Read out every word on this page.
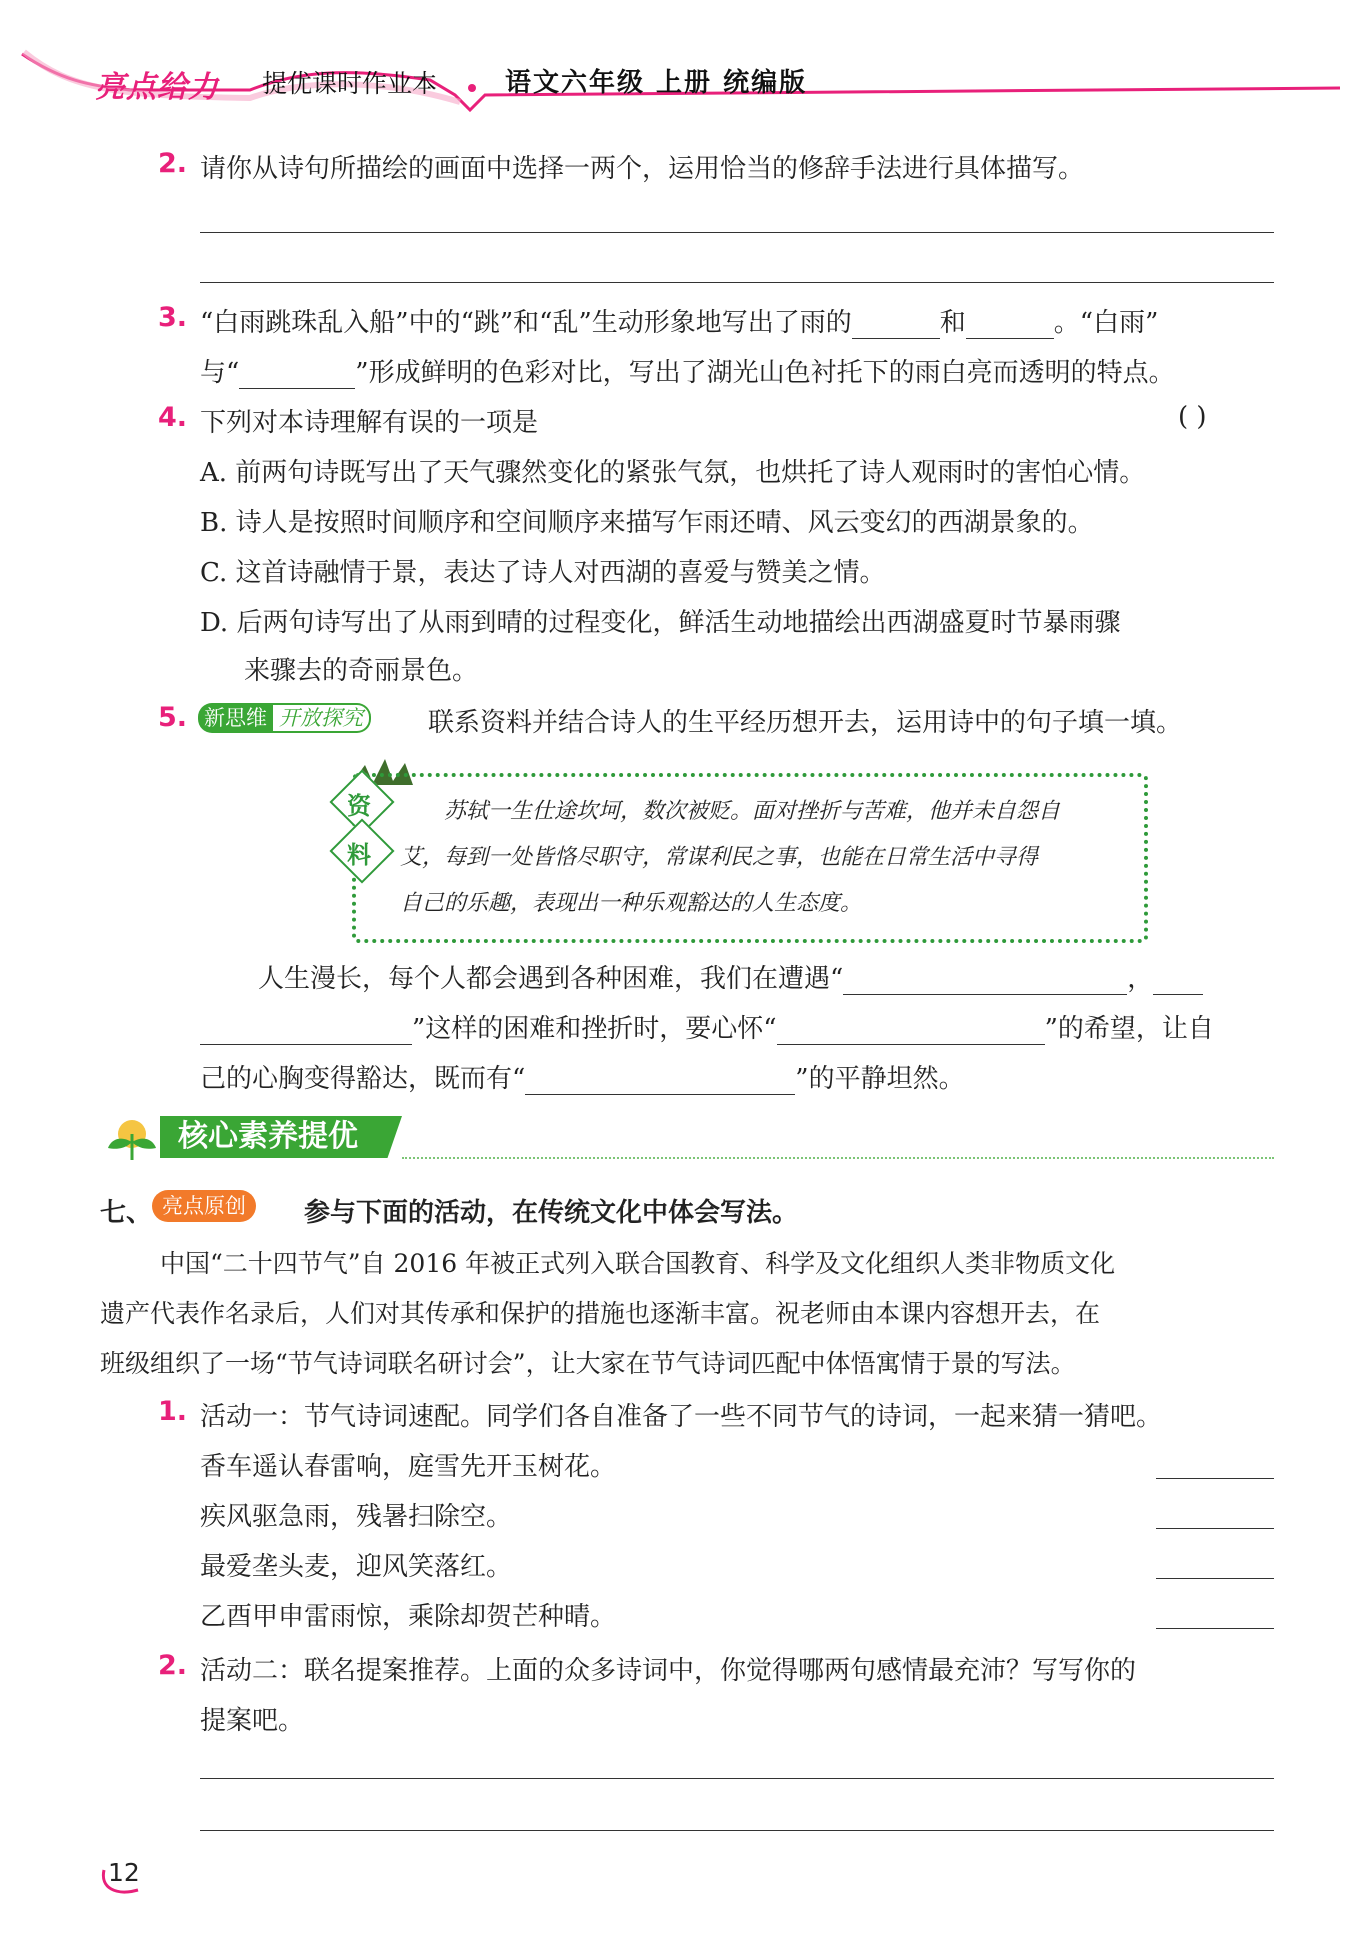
亮点给力 提优课时作业本	语文六年级 上册 统编版
2. 请你从诗句所描绘的画面中选择一两个，运用恰当的修辞手法进行具体描写。
3. “白雨跳珠乱入船”中的“跳”和“乱”生动形象地写出了雨的	和	。“白雨”
与“	”形成鲜明的色彩对比，写出了湖光山色衬托下的雨白亮而透明的特点。
4. 下列对本诗理解有误的一项是	( )
A. 前两句诗既写出了天气骤然变化的紧张气氛，也烘托了诗人观雨时的害怕心情。
B. 诗人是按照时间顺序和空间顺序来描写乍雨还晴、风云变幻的西湖景象的。
C. 这首诗融情于景，表达了诗人对西湖的喜爱与赞美之情。
D. 后两句诗写出了从雨到晴的过程变化，鲜活生动地描绘出西湖盛夏时节暴雨骤
来骤去的奇丽景色。
5. 新思维 开放探究	联系资料并结合诗人的生平经历想开去，运用诗中的句子填一填。
资
料
苏轼一生仕途坎坷，数次被贬。面对挫折与苦难，他并未自怨自
艾，每到一处皆恪尽职守，常谋利民之事，也能在日常生活中寻得
自己的乐趣，表现出一种乐观豁达的人生态度。
人生漫长，每个人都会遇到各种困难，我们在遭遇“	，
”这样的困难和挫折时，要心怀“	”的希望，让自
己的心胸变得豁达，既而有“	”的平静坦然。
核心素养提优
七、 亮点原创	参与下面的活动，在传统文化中体会写法。
中国“二十四节气”自 2016 年被正式列入联合国教育、科学及文化组织人类非物质文化
遗产代表作名录后，人们对其传承和保护的措施也逐渐丰富。祝老师由本课内容想开去，在
班级组织了一场“节气诗词联名研讨会”，让大家在节气诗词匹配中体悟寓情于景的写法。
1. 活动一：节气诗词速配。同学们各自准备了一些不同节气的诗词，一起来猜一猜吧。
香车遥认春雷响，庭雪先开玉树花。
疾风驱急雨，残暑扫除空。
最爱垄头麦，迎风笑落红。
乙酉甲申雷雨惊，乘除却贺芒种晴。
2. 活动二：联名提案推荐。上面的众多诗词中，你觉得哪两句感情最充沛？写写你的
提案吧。
12
